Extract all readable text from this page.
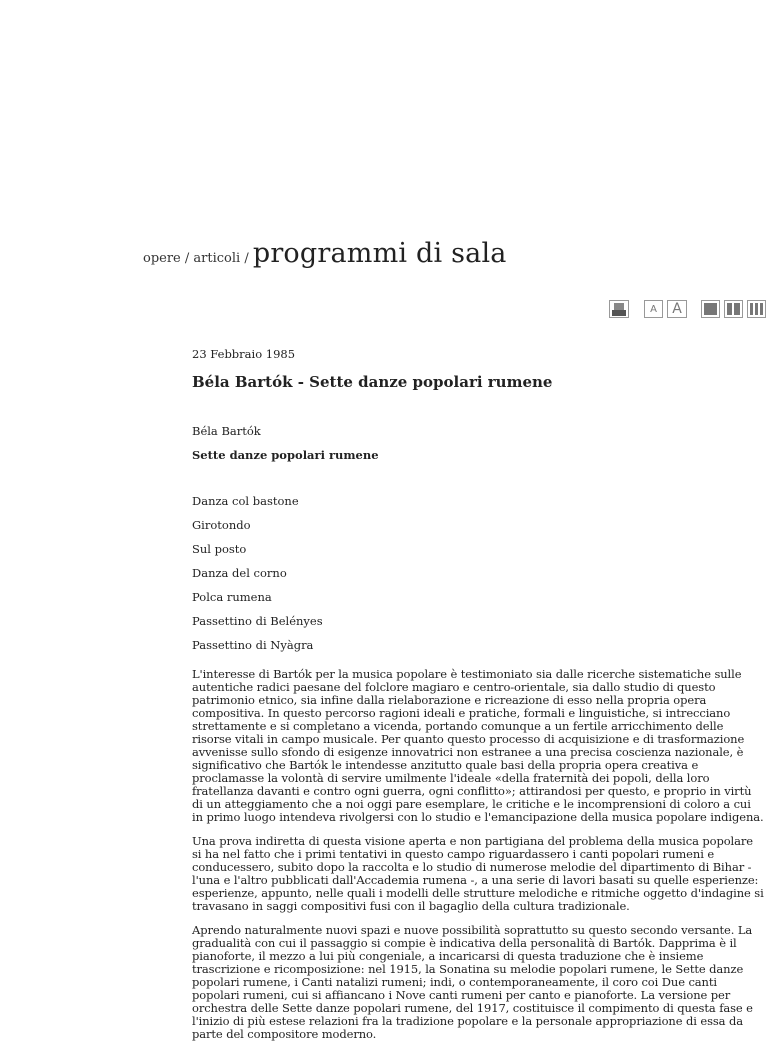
opere / articoli / programmi di sala
A	A

23 Febbraio 1985

Béla Bartók - Sette danze popolari rumene

Béla Bartók

Sette danze popolari rumene

Danza col bastone
Girotondo
Sul posto
Danza del corno
Polca rumena
Passettino di Belényes
Passettino di Nyàgra

L'interesse di Bartók per la musica popolare è testimoniato sia dalle ricerche sistematiche sulle autentiche radici paesane del folclore magiaro e centro-orientale, sia dallo studio di questo patrimonio etnico, sia infine dalla rielaborazione e ricreazione di esso nella propria opera compositiva. In questo percorso ragioni ideali e pratiche, formali e linguistiche, si intrecciano strettamente e si completano a vicenda, portando comunque a un fertile arricchimento delle risorse vitali in campo musicale. Per quanto questo processo di acquisizione e di trasformazione avvenisse sullo sfondo di esigenze innovatrici non estranee a una precisa coscienza nazionale, è significativo che Bartók le intendesse anzitutto quale basi della propria opera creativa e proclamasse la volontà di servire umilmente l'ideale «della fraternità dei popoli, della loro fratellanza davanti e contro ogni guerra, ogni conflitto»; attirandosi per questo, e proprio in virtù di un atteggiamento che a noi oggi pare esemplare, le critiche e le incomprensioni di coloro a cui in primo luogo intendeva rivolgersi con lo studio e l'emancipazione della musica popolare indigena.

Una prova indiretta di questa visione aperta e non partigiana del problema della musica popolare si ha nel fatto che i primi tentativi in questo campo riguardassero i canti popolari rumeni e conducessero, subito dopo la raccolta e lo studio di numerose melodie del dipartimento di Bihar - l'una e l'altro pubblicati dall'Accademia rumena -, a una serie di lavori basati su quelle esperienze: esperienze, appunto, nelle quali i modelli delle strutture melodiche e ritmiche oggetto d'indagine si travasano in saggi compositivi fusi con il bagaglio della cultura tradizionale.

Aprendo naturalmente nuovi spazi e nuove possibilità soprattutto su questo secondo versante. La gradualità con cui il passaggio si compie è indicativa della personalità di Bartók. Dapprima è il pianoforte, il mezzo a lui più congeniale, a incaricarsi di questa traduzione che è insieme trascrizione e ricomposizione: nel 1915, la Sonatina su melodie popolari rumene, le Sette danze popolari rumene, i Canti natalizi rumeni; indi, o contemporaneamente, il coro coi Due canti popolari rumeni, cui si affiancano i Nove canti rumeni per canto e pianoforte. La versione per orchestra delle Sette danze popolari rumene, del 1917, costituisce il compimento di questa fase e l'inizio di più estese relazioni fra la tradizione popolare e la personale appropriazione di essa da parte del compositore moderno.
